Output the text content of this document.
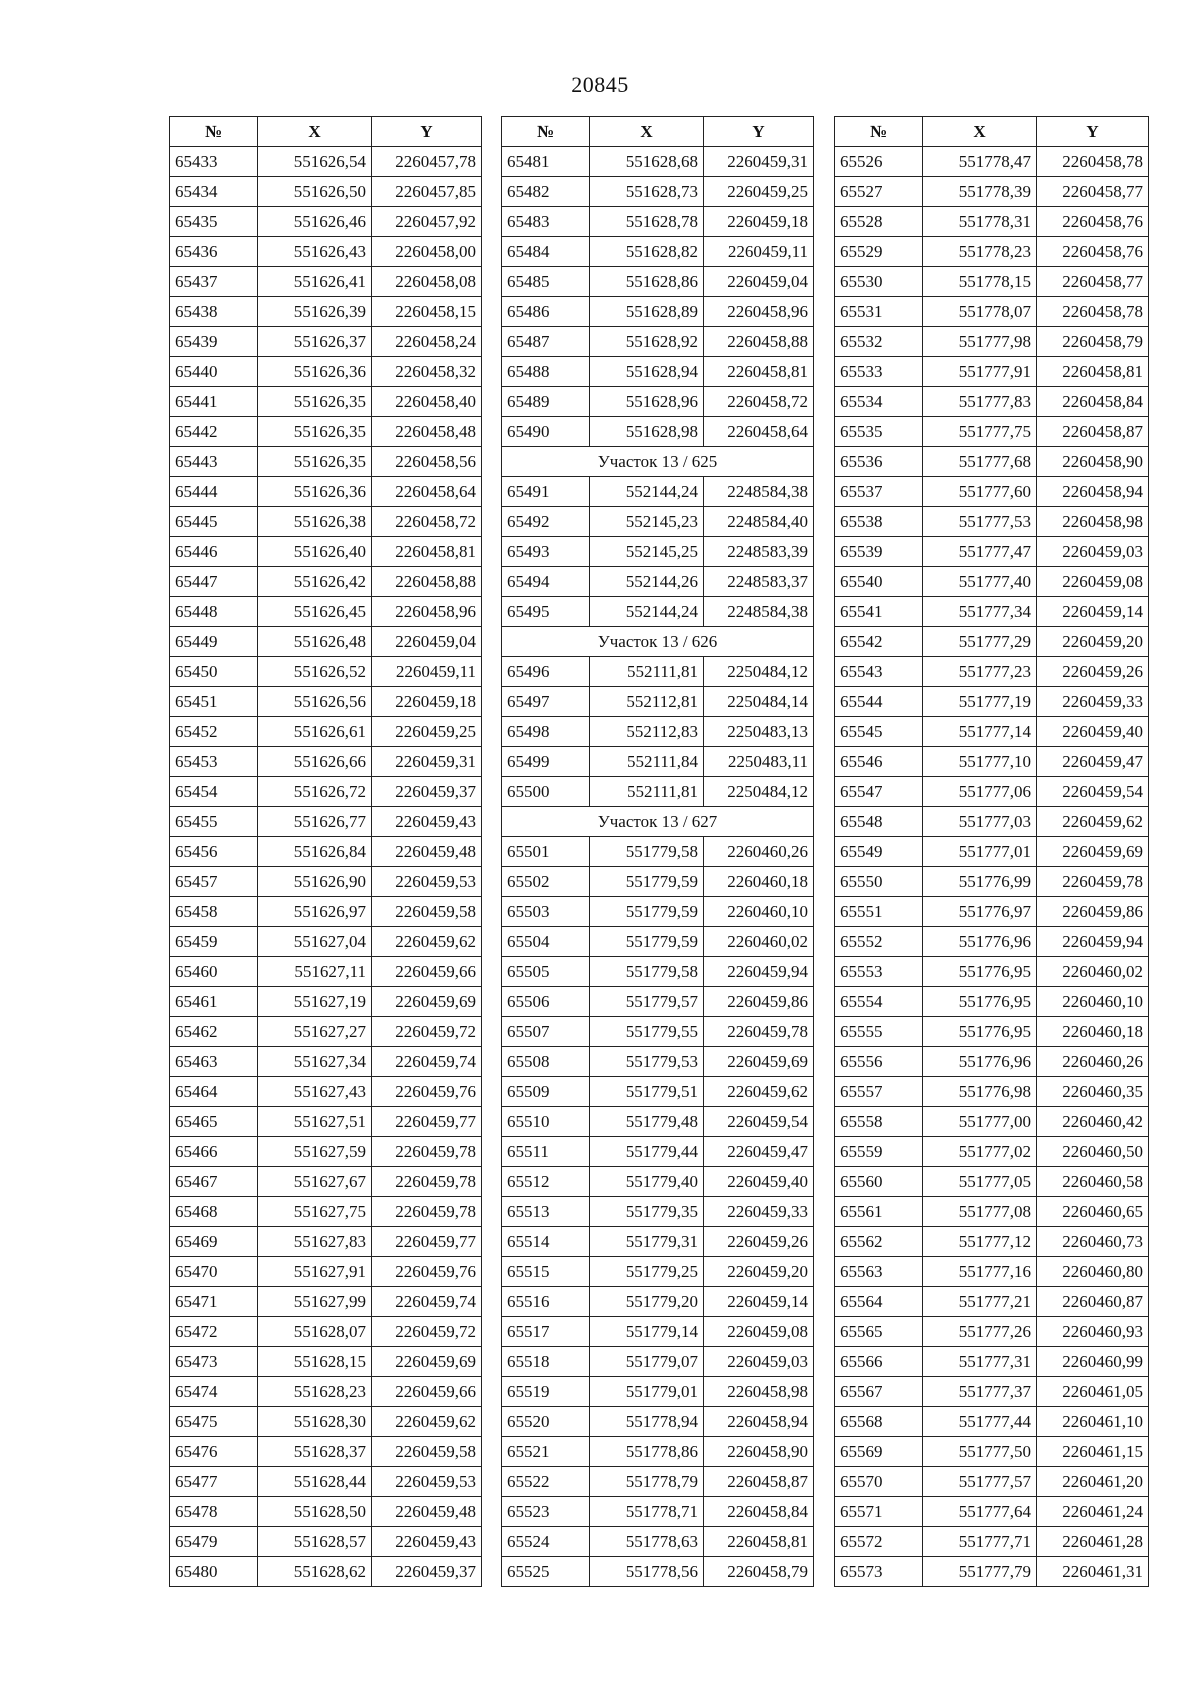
20845
№	X	Y
65433	551626,54	2260457,78
65434	551626,50	2260457,85
65435	551626,46	2260457,92
65436	551626,43	2260458,00
65437	551626,41	2260458,08
65438	551626,39	2260458,15
65439	551626,37	2260458,24
65440	551626,36	2260458,32
65441	551626,35	2260458,40
65442	551626,35	2260458,48
65443	551626,35	2260458,56
65444	551626,36	2260458,64
65445	551626,38	2260458,72
65446	551626,40	2260458,81
65447	551626,42	2260458,88
65448	551626,45	2260458,96
65449	551626,48	2260459,04
65450	551626,52	2260459,11
65451	551626,56	2260459,18
65452	551626,61	2260459,25
65453	551626,66	2260459,31
65454	551626,72	2260459,37
65455	551626,77	2260459,43
65456	551626,84	2260459,48
65457	551626,90	2260459,53
65458	551626,97	2260459,58
65459	551627,04	2260459,62
65460	551627,11	2260459,66
65461	551627,19	2260459,69
65462	551627,27	2260459,72
65463	551627,34	2260459,74
65464	551627,43	2260459,76
65465	551627,51	2260459,77
65466	551627,59	2260459,78
65467	551627,67	2260459,78
65468	551627,75	2260459,78
65469	551627,83	2260459,77
65470	551627,91	2260459,76
65471	551627,99	2260459,74
65472	551628,07	2260459,72
65473	551628,15	2260459,69
65474	551628,23	2260459,66
65475	551628,30	2260459,62
65476	551628,37	2260459,58
65477	551628,44	2260459,53
65478	551628,50	2260459,48
65479	551628,57	2260459,43
65480	551628,62	2260459,37
№	X	Y
65481	551628,68	2260459,31
65482	551628,73	2260459,25
65483	551628,78	2260459,18
65484	551628,82	2260459,11
65485	551628,86	2260459,04
65486	551628,89	2260458,96
65487	551628,92	2260458,88
65488	551628,94	2260458,81
65489	551628,96	2260458,72
65490	551628,98	2260458,64
Участок 13 / 625		
65491	552144,24	2248584,38
65492	552145,23	2248584,40
65493	552145,25	2248583,39
65494	552144,26	2248583,37
65495	552144,24	2248584,38
Участок 13 / 626		
65496	552111,81	2250484,12
65497	552112,81	2250484,14
65498	552112,83	2250483,13
65499	552111,84	2250483,11
65500	552111,81	2250484,12
Участок 13 / 627		
65501	551779,58	2260460,26
65502	551779,59	2260460,18
65503	551779,59	2260460,10
65504	551779,59	2260460,02
65505	551779,58	2260459,94
65506	551779,57	2260459,86
65507	551779,55	2260459,78
65508	551779,53	2260459,69
65509	551779,51	2260459,62
65510	551779,48	2260459,54
65511	551779,44	2260459,47
65512	551779,40	2260459,40
65513	551779,35	2260459,33
65514	551779,31	2260459,26
65515	551779,25	2260459,20
65516	551779,20	2260459,14
65517	551779,14	2260459,08
65518	551779,07	2260459,03
65519	551779,01	2260458,98
65520	551778,94	2260458,94
65521	551778,86	2260458,90
65522	551778,79	2260458,87
65523	551778,71	2260458,84
65524	551778,63	2260458,81
65525	551778,56	2260458,79
№	X	Y
65526	551778,47	2260458,78
65527	551778,39	2260458,77
65528	551778,31	2260458,76
65529	551778,23	2260458,76
65530	551778,15	2260458,77
65531	551778,07	2260458,78
65532	551777,98	2260458,79
65533	551777,91	2260458,81
65534	551777,83	2260458,84
65535	551777,75	2260458,87
65536	551777,68	2260458,90
65537	551777,60	2260458,94
65538	551777,53	2260458,98
65539	551777,47	2260459,03
65540	551777,40	2260459,08
65541	551777,34	2260459,14
65542	551777,29	2260459,20
65543	551777,23	2260459,26
65544	551777,19	2260459,33
65545	551777,14	2260459,40
65546	551777,10	2260459,47
65547	551777,06	2260459,54
65548	551777,03	2260459,62
65549	551777,01	2260459,69
65550	551776,99	2260459,78
65551	551776,97	2260459,86
65552	551776,96	2260459,94
65553	551776,95	2260460,02
65554	551776,95	2260460,10
65555	551776,95	2260460,18
65556	551776,96	2260460,26
65557	551776,98	2260460,35
65558	551777,00	2260460,42
65559	551777,02	2260460,50
65560	551777,05	2260460,58
65561	551777,08	2260460,65
65562	551777,12	2260460,73
65563	551777,16	2260460,80
65564	551777,21	2260460,87
65565	551777,26	2260460,93
65566	551777,31	2260460,99
65567	551777,37	2260461,05
65568	551777,44	2260461,10
65569	551777,50	2260461,15
65570	551777,57	2260461,20
65571	551777,64	2260461,24
65572	551777,71	2260461,28
65573	551777,79	2260461,31
